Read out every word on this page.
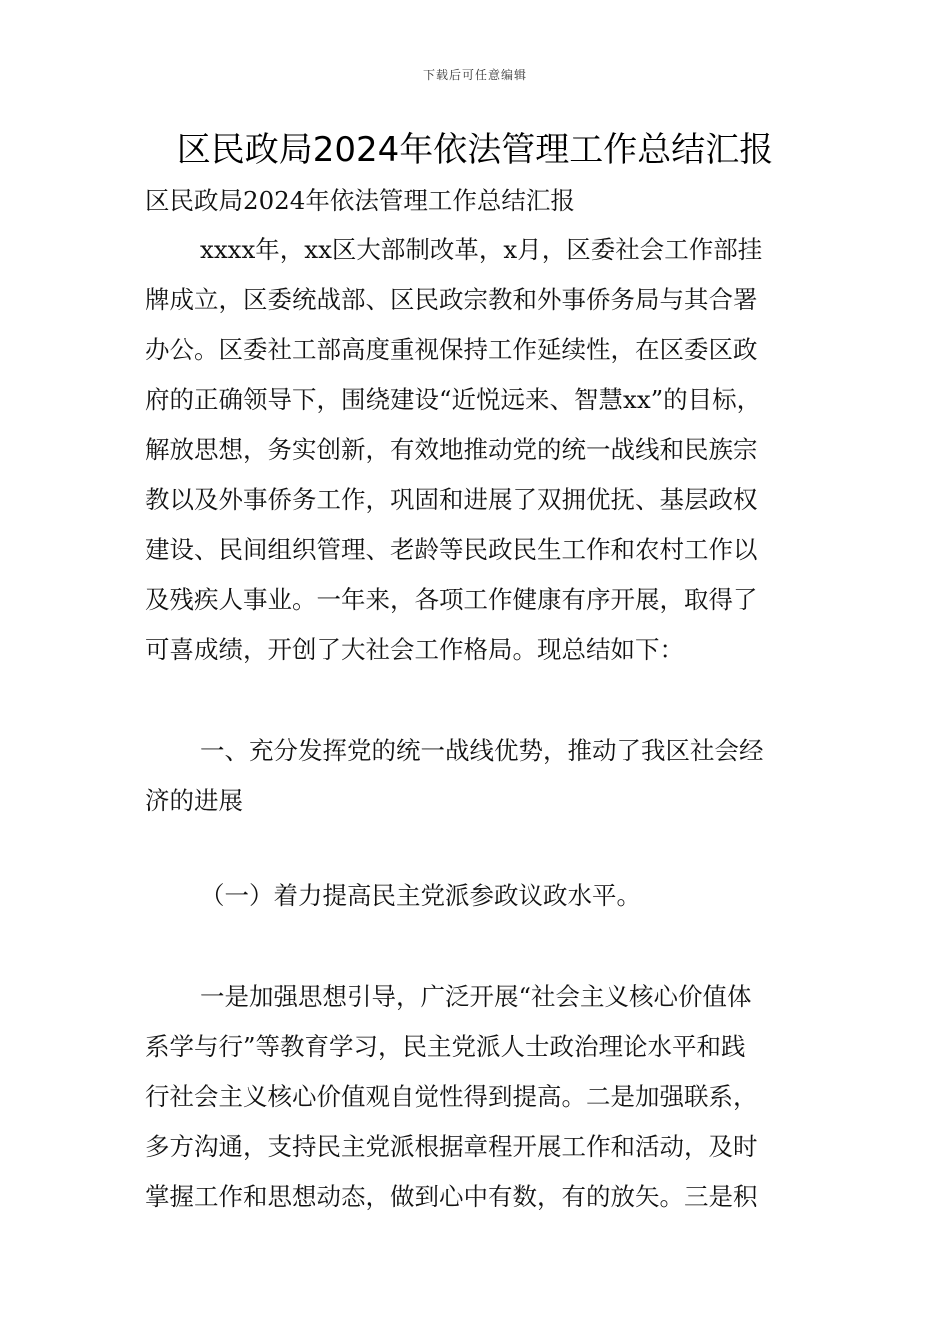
下载后可任意编辑
区民政局2024年依法管理工作总结汇报
区民政局2024年依法管理工作总结汇报
xxxx年，xx区大部制改革，x月，区委社会工作部挂
牌成立，区委统战部、区民政宗教和外事侨务局与其合署
办公。区委社工部高度重视保持工作延续性，在区委区政
府的正确领导下，围绕建设“近悦远来、智慧xx”的目标，
解放思想，务实创新，有效地推动党的统一战线和民族宗
教以及外事侨务工作，巩固和进展了双拥优抚、基层政权
建设、民间组织管理、老龄等民政民生工作和农村工作以
及残疾人事业。一年来，各项工作健康有序开展，取得了
可喜成绩，开创了大社会工作格局。现总结如下：
一、充分发挥党的统一战线优势，推动了我区社会经
济的进展
（一）着力提高民主党派参政议政水平。
一是加强思想引导，广泛开展“社会主义核心价值体
系学与行”等教育学习，民主党派人士政治理论水平和践
行社会主义核心价值观自觉性得到提高。二是加强联系，
多方沟通，支持民主党派根据章程开展工作和活动，及时
掌握工作和思想动态，做到心中有数，有的放矢。三是积
